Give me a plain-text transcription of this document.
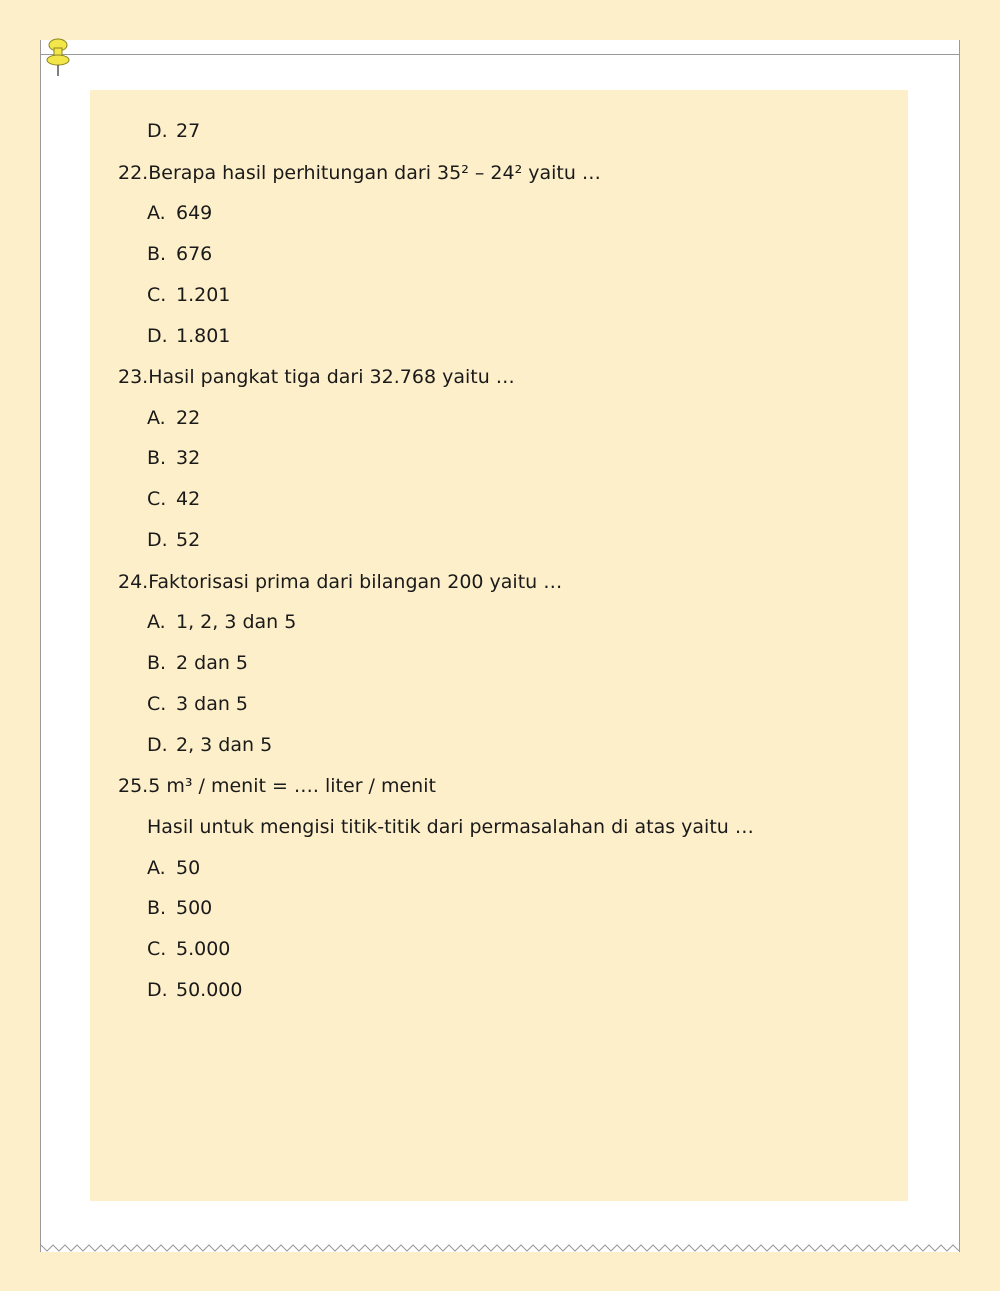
D. 27
22.Berapa hasil perhitungan dari 35² – 24² yaitu …
A. 649
B. 676
C. 1.201
D. 1.801
23.Hasil pangkat tiga dari 32.768 yaitu …
A. 22
B. 32
C. 42
D. 52
24.Faktorisasi prima dari bilangan 200 yaitu …
A. 1, 2, 3 dan 5
B. 2 dan 5
C. 3 dan 5
D. 2, 3 dan 5
25.5 m³ / menit = …. liter / menit
Hasil untuk mengisi titik-titik dari permasalahan di atas yaitu …
A. 50
B. 500
C. 5.000
D. 50.000
